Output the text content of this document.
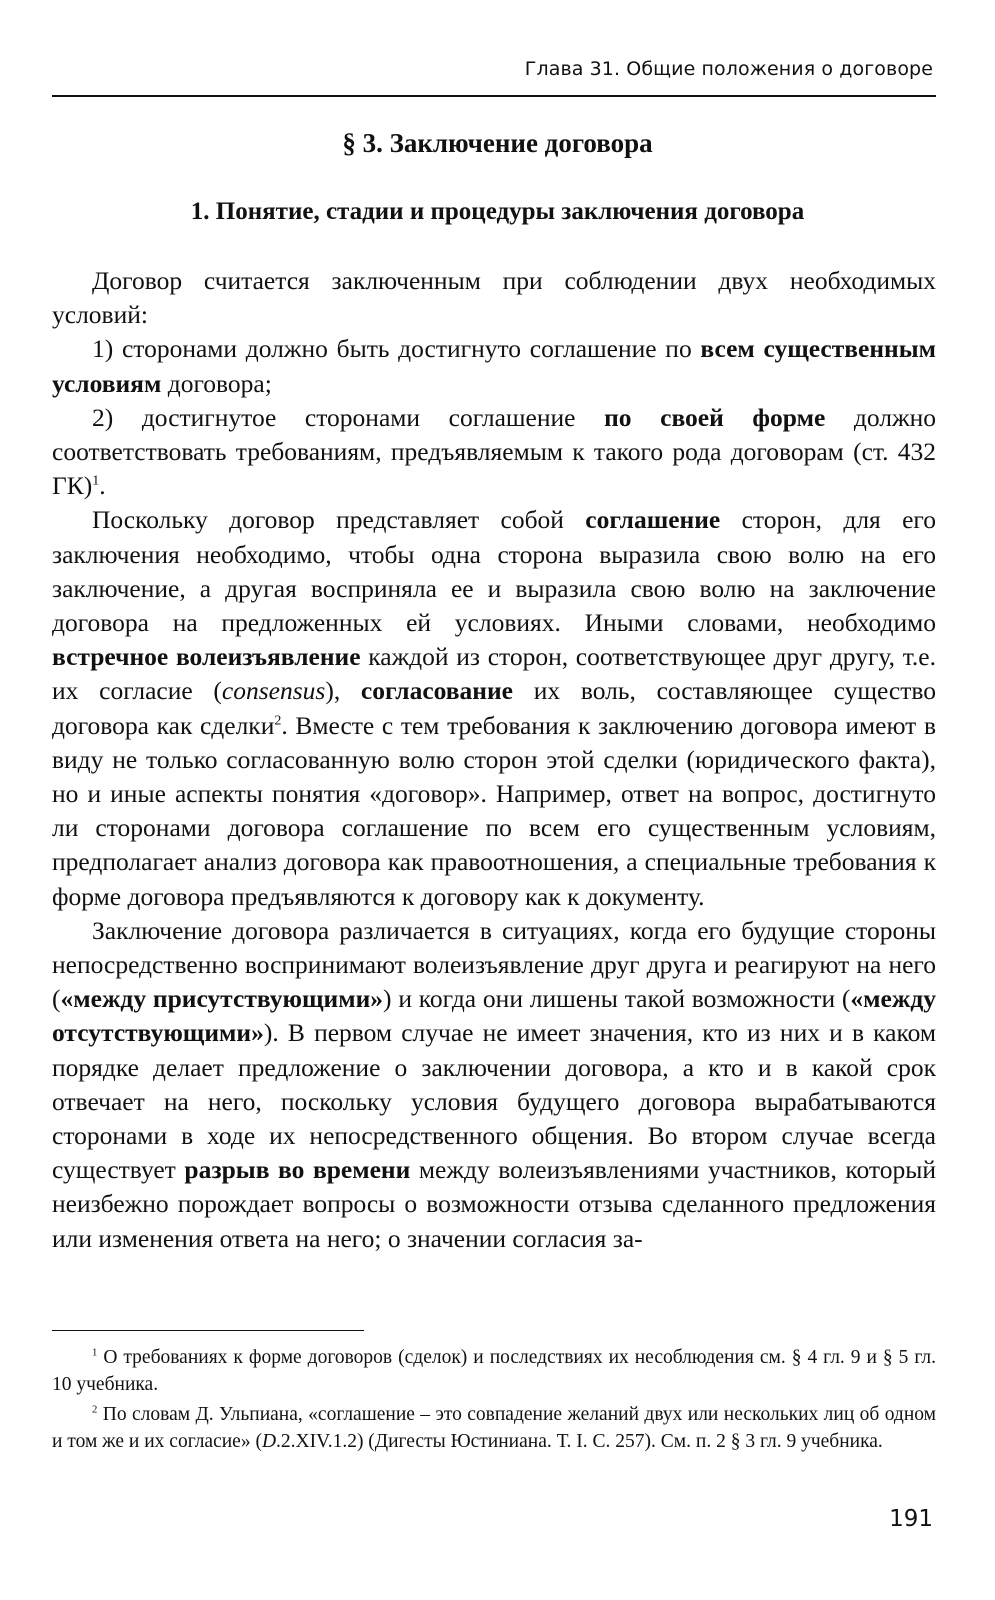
Глава 31. Общие положения о договоре
§ 3. Заключение договора
1. Понятие, стадии и процедуры заключения договора

Договор считается заключенным при соблюдении двух необходимых условий:

1) сторонами должно быть достигнуто соглашение по всем существенным условиям договора;

2) достигнутое сторонами соглашение по своей форме должно соответствовать требованиям, предъявляемым к такого рода договорам (ст. 432 ГК)$^1$.

Поскольку договор представляет собой соглашение сторон, для его заключения необходимо, чтобы одна сторона выразила свою волю на его заключение, а другая восприняла ее и выразила свою волю на заключение договора на предложенных ей условиях. Иными словами, необходимо встречное волеизъявление каждой из сторон, соответствующее друг другу, т.е. их согласие (consensus), согласование их воль, составляющее существо договора как сделки$^2$. Вместе с тем требования к заключению договора имеют в виду не только согласованную волю сторон этой сделки (юридического факта), но и иные аспекты понятия «договор». Например, ответ на вопрос, достигнуто ли сторонами договора соглашение по всем его существенным условиям, предполагает анализ договора как правоотношения, а специальные требования к форме договора предъявляются к договору как к документу.

Заключение договора различается в ситуациях, когда его будущие стороны непосредственно воспринимают волеизъявление друг друга и реагируют на него («между присутствующими») и когда они лишены такой возможности («между отсутствующими»). В первом случае не имеет значения, кто из них и в каком порядке делает предложение о заключении договора, а кто и в какой срок отвечает на него, поскольку условия будущего договора вырабатываются сторонами в ходе их непосредственного общения. Во втором случае всегда существует разрыв во времени между волеизъявлениями участников, который неизбежно порождает вопросы о возможности отзыва сделанного предложения или изменения ответа на него; о значении согласия за-

$^1$ О требованиях к форме договоров (сделок) и последствиях их несоблюдения см. § 4 гл. 9 и § 5 гл. 10 учебника.

$^2$ По словам Д. Ульпиана, «соглашение – это совпадение желаний двух или нескольких лиц об одном и том же и их согласие» (D.2.XIV.1.2) (Дигесты Юстиниана. Т. I. С. 257). См. п. 2 § 3 гл. 9 учебника.

191
